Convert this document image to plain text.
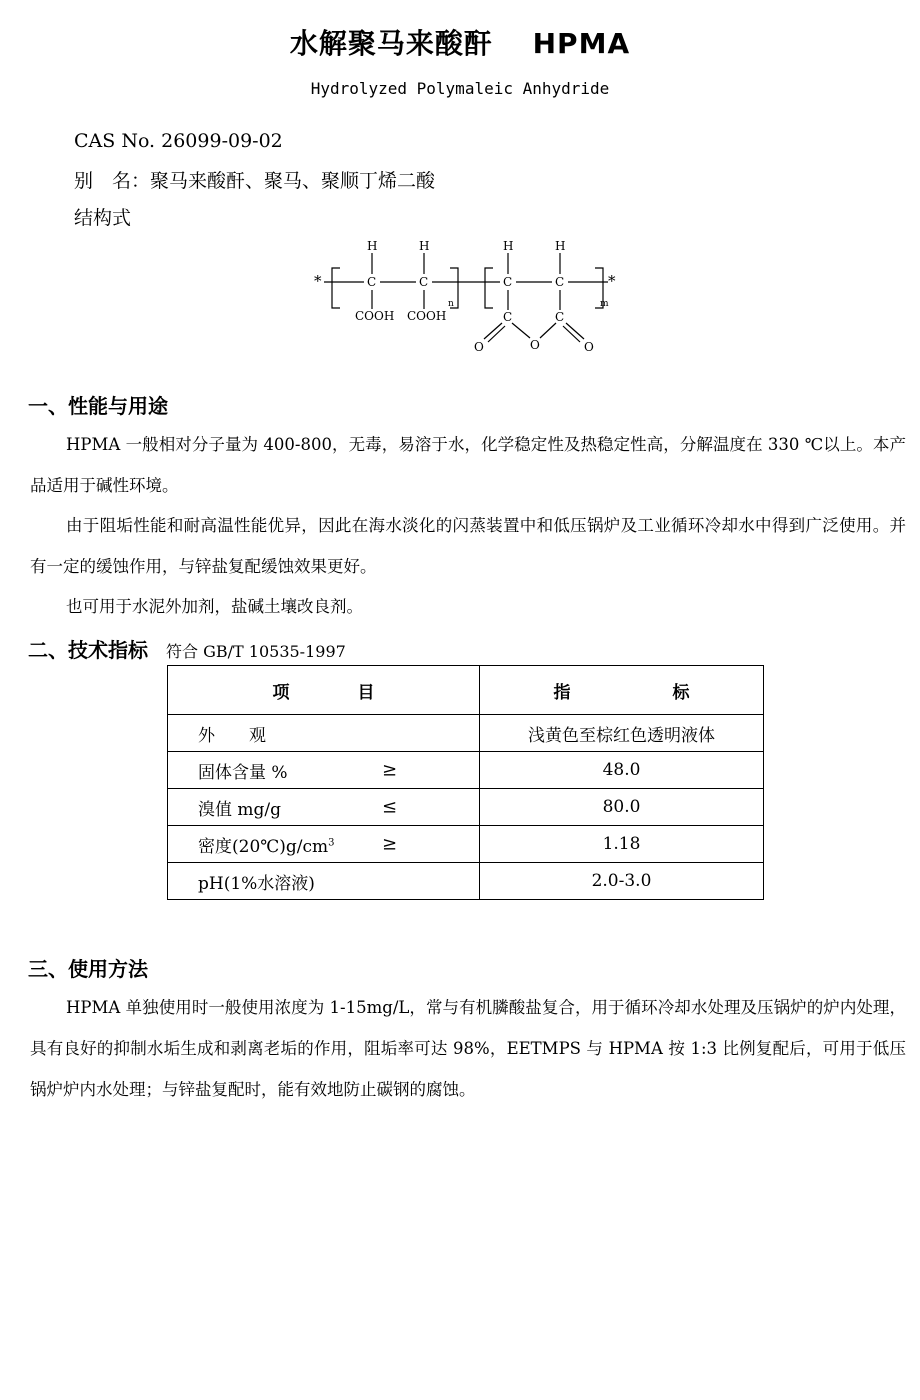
水解聚马来酸酐　 HPMA
Hydrolyzed Polymaleic Anhydride
CAS No. 26099-09-02
别　名：聚马来酸酐、聚马、聚顺丁烯二酸
结构式
*	*
H	H	H	H
C	C	C	C
COOH COOH	C	C
O	O	O
n	m
一、性能与用途
HPMA 一般相对分子量为 400-800，无毒，易溶于水，化学稳定性及热稳定性高，分解温度在 330 ℃以上。本产品适用于碱性环境。
由于阻垢性能和耐高温性能优异，因此在海水淡化的闪蒸装置中和低压锅炉及工业循环冷却水中得到广泛使用。并有一定的缓蚀作用，与锌盐复配缓蚀效果更好。
也可用于水泥外加剂，盐碱土壤改良剂。
二、技术指标 符合 GB/T 10535-1997
项　　　　目	指　　　　　　标
外　　观	浅黄色至棕红色透明液体
固体含量 % ≥	48.0
溴值 mg/g ≤	80.0
密度$(20℃)g/cm^3$ ≥	1.18
pH(1%水溶液)	2.0-3.0
三、使用方法
HPMA 单独使用时一般使用浓度为 1-15mg/L，常与有机膦酸盐复合，用于循环冷却水处理及压锅炉的炉内处理，具有良好的抑制水垢生成和剥离老垢的作用，阻垢率可达 98%，EETMPS 与 HPMA 按 1:3 比例复配后，可用于低压锅炉炉内水处理；与锌盐复配时，能有效地防止碳钢的腐蚀。
